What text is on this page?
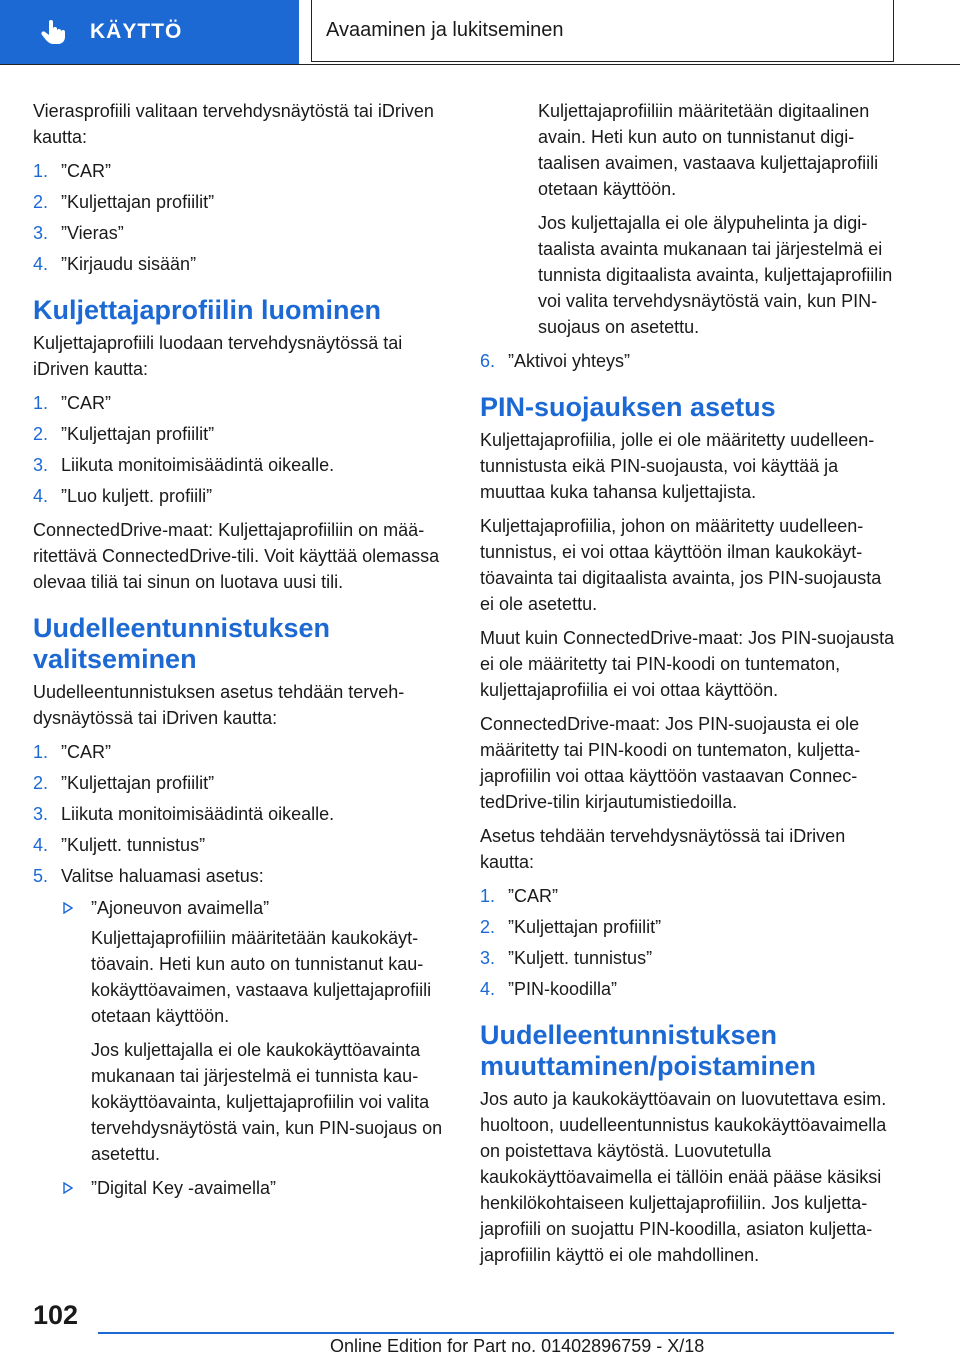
KÄYTTÖ	Avaaminen ja lukitseminen

Vierasprofiili valitaan tervehdysnäytöstä tai iDriven kautta:

1. ”CAR”
2. ”Kuljettajan profiilit”
3. ”Vieras”
4. ”Kirjaudu sisään”
Kuljettajaprofiilin luominen

Kuljettajaprofiili luodaan tervehdysnäytössä tai iDriven kautta:

1. ”CAR”
2. ”Kuljettajan profiilit”
3. Liikuta monitoimisäädintä oikealle.
4. ”Luo kuljett. profiili”

ConnectedDrive-maat: Kuljettajaprofiiliin on määritettävä ConnectedDrive-tili. Voit käyttää olemassa olevaa tiliä tai sinun on luotava uusi tili.

Uudelleentunnistuksen valitseminen

Uudelleentunnistuksen asetus tehdään tervehdysnäytössä tai iDriven kautta:

1. ”CAR”
2. ”Kuljettajan profiilit”
3. Liikuta monitoimisäädintä oikealle.
4. ”Kuljett. tunnistus”
5. Valitse haluamasi asetus:
”Ajoneuvon avaimella”

Kuljettajaprofiiliin määritetään kaukokäyttöavain. Heti kun auto on tunnistanut kaukokäyttöavaimen, vastaava kuljettajaprofiili otetaan käyttöön.

Jos kuljettajalla ei ole kaukokäyttöavainta mukanaan tai järjestelmä ei tunnista kaukokäyttöavainta, kuljettajaprofiilin voi valita tervehdysnäytöstä vain, kun PIN-suojaus on asetettu.

”Digital Key -avaimella”

Kuljettajaprofiiliin määritetään digitaalinen avain. Heti kun auto on tunnistanut digitaalisen avaimen, vastaava kuljettajaprofiili otetaan käyttöön.

Jos kuljettajalla ei ole älypuhelinta ja digitaalista avainta mukanaan tai järjestelmä ei tunnista digitaalista avainta, kuljettajaprofiilin voi valita tervehdysnäytöstä vain, kun PIN-suojaus on asetettu.

6. ”Aktivoi yhteys”
PIN-suojauksen asetus

Kuljettajaprofiilia, jolle ei ole määritetty uudelleentunnistusta eikä PIN-suojausta, voi käyttää ja muuttaa kuka tahansa kuljettajista.

Kuljettajaprofiilia, johon on määritetty uudelleentunnistus, ei voi ottaa käyttöön ilman kaukokäyttöavainta tai digitaalista avainta, jos PIN-suojausta ei ole asetettu.

Muut kuin ConnectedDrive-maat: Jos PIN-suojausta ei ole määritetty tai PIN-koodi on tuntematon, kuljettajaprofiilia ei voi ottaa käyttöön.

ConnectedDrive-maat: Jos PIN-suojausta ei ole määritetty tai PIN-koodi on tuntematon, kuljettajaprofiilin voi ottaa käyttöön vastaavan ConnectedDrive-tilin kirjautumistiedoilla.

Asetus tehdään tervehdysnäytössä tai iDriven kautta:

1. ”CAR”
2. ”Kuljettajan profiilit”
3. ”Kuljett. tunnistus”
4. ”PIN-koodilla”
Uudelleentunnistuksen muuttaminen/poistaminen

Jos auto ja kaukokäyttöavain on luovutettava esim. huoltoon, uudelleentunnistus kaukokäyttöavaimella on poistettava käytöstä. Luovutetulla kaukokäyttöavaimella ei tällöin enää pääse käsiksi henkilökohtaiseen kuljettajaprofiiliin. Jos kuljettajaprofiili on suojattu PIN-koodilla, asiaton kuljettajaprofiilin käyttö ei ole mahdollinen.

102
Online Edition for Part no. 01402896759 - X/18
